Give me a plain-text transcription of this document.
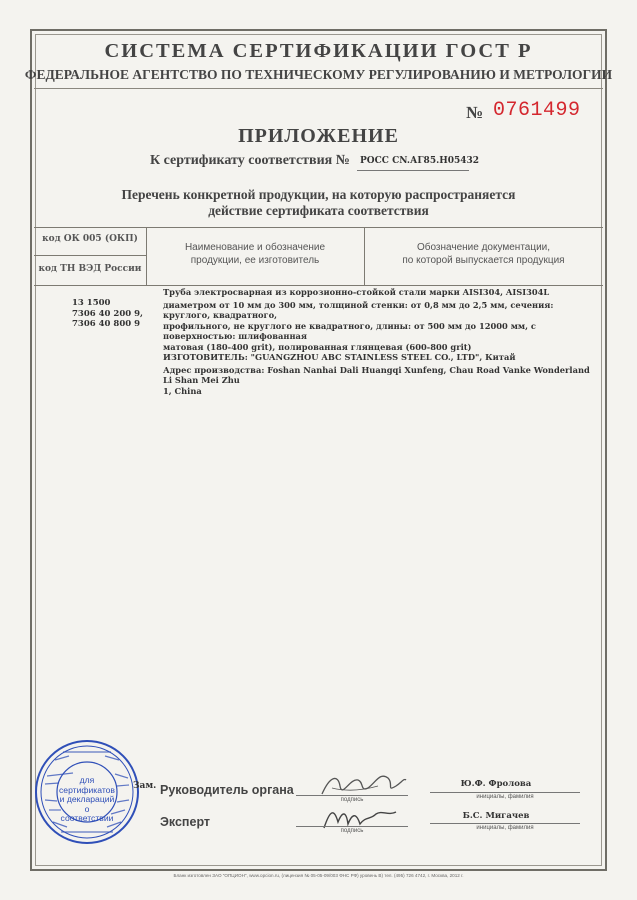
СИСТЕМА СЕРТИФИКАЦИИ ГОСТ Р
ФЕДЕРАЛЬНОЕ АГЕНТСТВО ПО ТЕХНИЧЕСКОМУ РЕГУЛИРОВАНИЮ И МЕТРОЛОГИИ
№ 0761499
ПРИЛОЖЕНИЕ
К сертификату соответствия № РОСС CN.АГ85.Н05432
Перечень конкретной продукции, на которую распространяется
действие сертификата соответствия
код ОК 005 (ОКП)
код ТН ВЭД России
Наименование и обозначение
продукции, ее изготовитель
Обозначение документации,
по которой выпускается продукция
13 1500
7306 40 200 9,
7306 40 800 9

Труба электросварная из коррозионно-стойкой стали марки AISI304, AISI304L

диаметром от 10 мм до 300 мм, толщиной стенки: от 0,8 мм до 2,5 мм, сечения: круглого, квадратного,

профильного, не круглого не квадратного, длины: от 500 мм до 12000 мм, с поверхностью: шлифованная

матовая (180-400 grit), полированная глянцевая (600-800 grit)

ИЗГОТОВИТЕЛЬ: "GUANGZHOU ABC STAINLESS STEEL CO., LTD", Китай

Адрес производства: Foshan Nanhai Dali Huangqi Xunfeng, Chau Road Vanke Wonderland Li Shan Mei Zhu

1, China

для сертификатов и деклараций о соответствии
Зам. Руководитель органа
Эксперт
подпись
Ю.Ф. Фролова
инициалы, фамилия
подпись
Б.С. Мигачев
инициалы, фамилия
Бланк изготовлен ЗАО "ОПЦИОН", www.opcion.ru, (лицензия № 05-05-09/003 ФНС РФ) уровень В) тел. (495) 726 4742, г. Москва, 2012 г.
